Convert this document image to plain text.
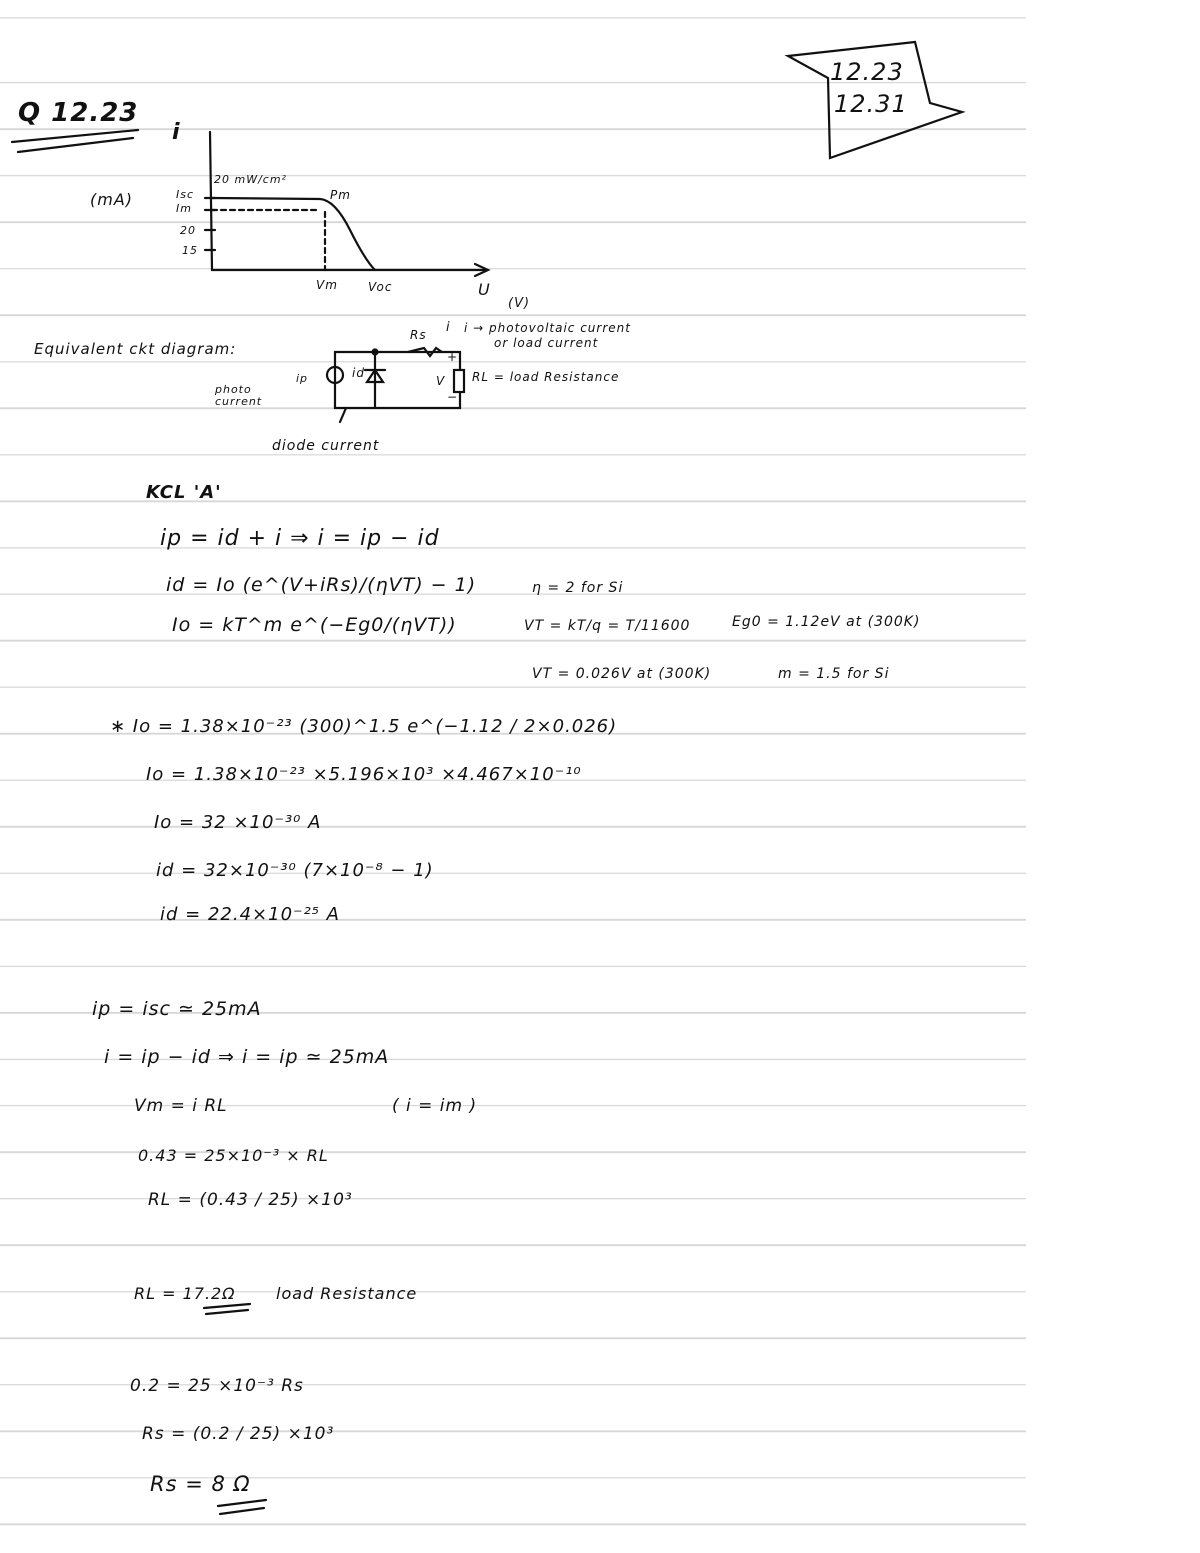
12.23
12.31
Q 12.23
i
(mA)	Isc
Im
20
15
20 mW/cm²
Pm
Vm	Voc	U
(V)
Equivalent ckt diagram:
photo current
ip	id
Rs i
V
+
−
i → photovoltaic current
or load current
RL = load Resistance
diode current
KCL 'A'
ip = id + i ⇒ i = ip − id
id = Io (e^(V+iRs)/(ηVT) − 1)
Io = kT^m e^(−Eg0/(ηVT))
η = 2 for Si
VT = kT/q = T/11600	Eg0 = 1.12eV at (300K)
VT = 0.026V at (300K)	m = 1.5 for Si
∗ Io = 1.38×10⁻²³ (300)^1.5 e^(−1.12 / 2×0.026)
Io = 1.38×10⁻²³ ×5.196×10³ ×4.467×10⁻¹⁰
Io = 32 ×10⁻³⁰ A
id = 32×10⁻³⁰ (7×10⁻⁸ − 1)
id = 22.4×10⁻²⁵ A
ip = isc ≃ 25mA
i = ip − id ⇒ i = ip ≃ 25mA
Vm = i RL	( i = im )
0.43 = 25×10⁻³ × RL
RL = (0.43 / 25) ×10³
RL = 17.2Ω	load Resistance
0.2 = 25 ×10⁻³ Rs
Rs = (0.2 / 25) ×10³
Rs = 8 Ω
